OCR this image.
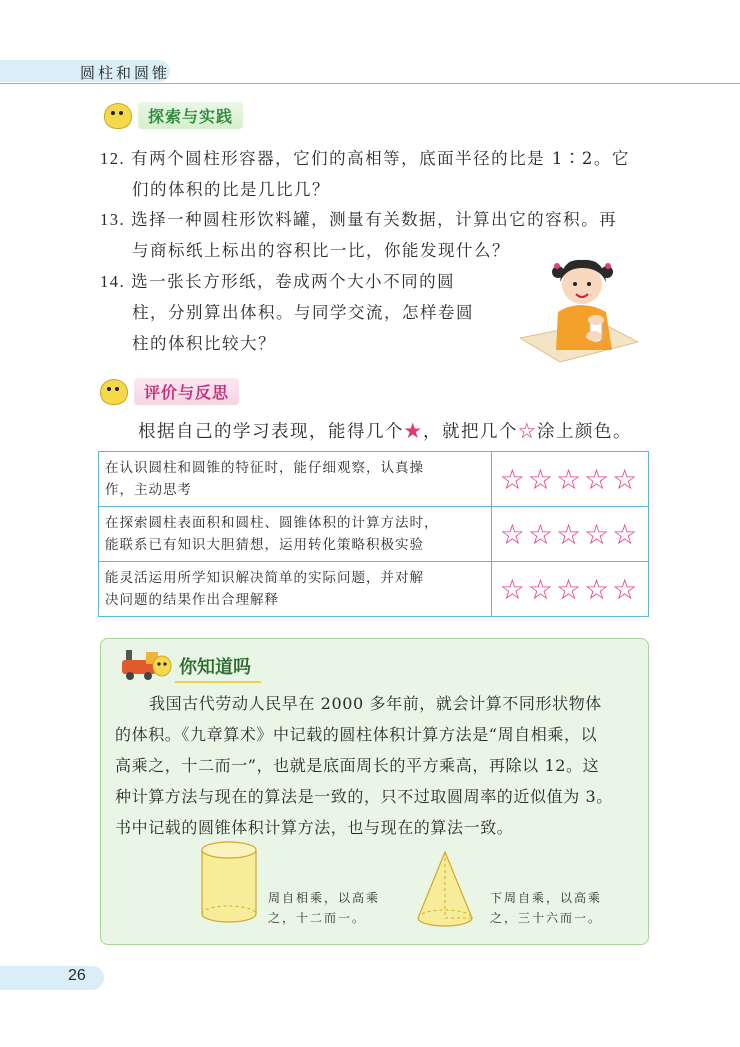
圆柱和圆锥
探索与实践
12. 有两个圆柱形容器，它们的高相等，底面半径的比是 1∶2。它
们的体积的比是几比几？
13. 选择一种圆柱形饮料罐，测量有关数据，计算出它的容积。再
与商标纸上标出的容积比一比，你能发现什么？
14. 选一张长方形纸，卷成两个大小不同的圆
柱，分别算出体积。与同学交流，怎样卷圆
柱的体积比较大？
评价与反思
根据自己的学习表现，能得几个★，就把几个☆涂上颜色。
在认识圆柱和圆锥的特征时，能仔细观察，认真操
作，主动思考	☆☆☆☆☆

在探索圆柱表面积和圆柱、圆锥体积的计算方法时，
能联系已有知识大胆猜想，运用转化策略积极实验	☆☆☆☆☆

能灵活运用所学知识解决简单的实际问题，并对解
决问题的结果作出合理解释	☆☆☆☆☆
你知道吗
我国古代劳动人民早在 2000 多年前，就会计算不同形状物体
的体积。《九章算术》中记载的圆柱体积计算方法是“周自相乘，以
高乘之，十二而一”，也就是底面周长的平方乘高，再除以 12。这
种计算方法与现在的算法是一致的，只不过取圆周率的近似值为 3。
书中记载的圆锥体积计算方法，也与现在的算法一致。
周自相乘，以高乘
之，十二而一。
下周自乘，以高乘
之，三十六而一。
26
